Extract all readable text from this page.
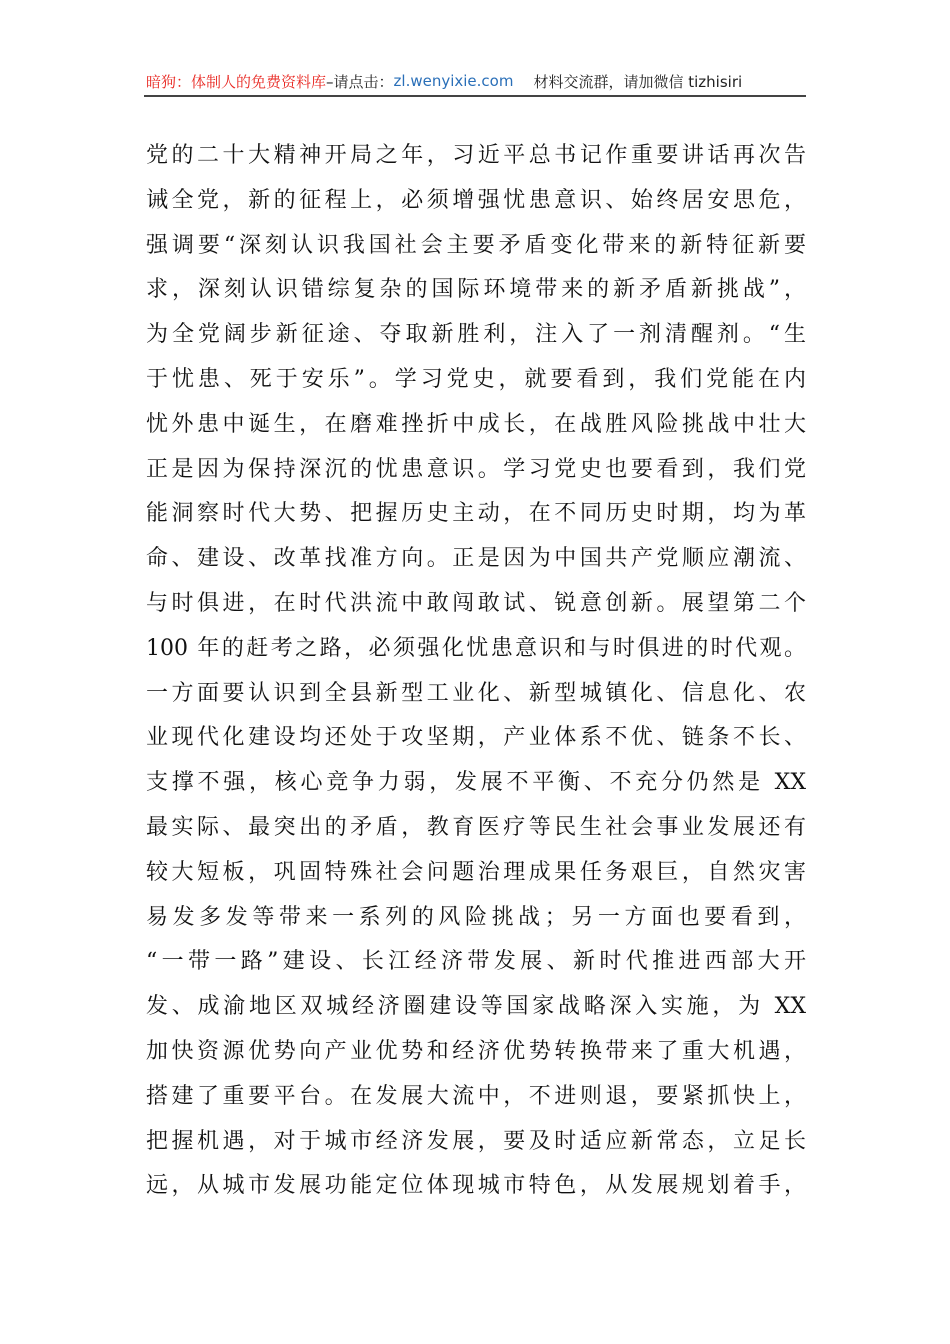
暗狗：体制人的免费资料库 –请点击： zl.wenyixie.com 材料交流群，请加微信 tizhisiri
党的二十大精神开局之年，习近平总书记作重要讲话再次告
诫全党，新的征程上，必须增强忧患意识、始终居安思危，
强调要“深刻认识我国社会主要矛盾变化带来的新特征新要
求，深刻认识错综复杂的国际环境带来的新矛盾新挑战”，
为全党阔步新征途、夺取新胜利，注入了一剂清醒剂。“生
于忧患、死于安乐”。学习党史，就要看到，我们党能在内
忧外患中诞生，在磨难挫折中成长，在战胜风险挑战中壮大
正是因为保持深沉的忧患意识。学习党史也要看到，我们党
能洞察时代大势、把握历史主动，在不同历史时期，均为革
命、建设、改革找准方向。正是因为中国共产党顺应潮流、
与时俱进，在时代洪流中敢闯敢试、锐意创新。展望第二个
100 年的赶考之路，必须强化忧患意识和与时俱进的时代观。
一方面要认识到全县新型工业化、新型城镇化、信息化、农
业现代化建设均还处于攻坚期，产业体系不优、链条不长、
支撑不强，核心竞争力弱，发展不平衡、不充分仍然是 XX
最实际、最突出的矛盾，教育医疗等民生社会事业发展还有
较大短板，巩固特殊社会问题治理成果任务艰巨，自然灾害
易发多发等带来一系列的风险挑战；另一方面也要看到，
“一带一路”建设、长江经济带发展、新时代推进西部大开
发、成渝地区双城经济圈建设等国家战略深入实施，为 XX
加快资源优势向产业优势和经济优势转换带来了重大机遇，
搭建了重要平台。在发展大流中，不进则退，要紧抓快上，
把握机遇，对于城市经济发展，要及时适应新常态，立足长
远，从城市发展功能定位体现城市特色，从发展规划着手，
